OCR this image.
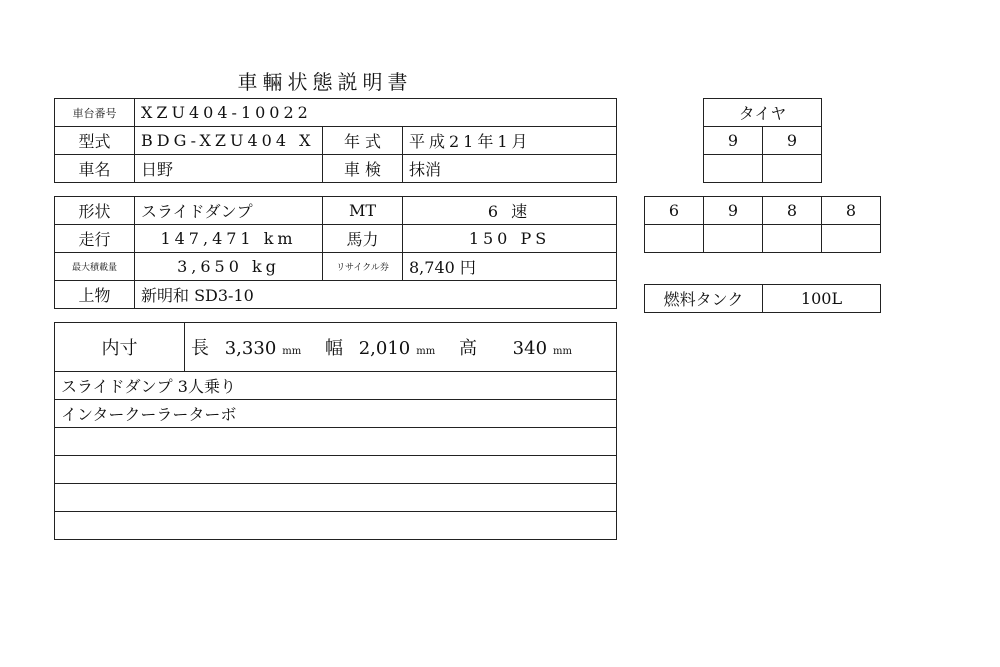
車輛状態説明書
車台番号	XZU404-10022		
型式	BDG-XZU404 X	年 式	平成21年1月
車名	日野	車 検	抹消
形状	スライドダンプ	MT	6 速
走行	147,471 km	馬力	150 PS
最大積載量	3,650 kg	リサイクル券	8,740 円
上物	新明和 SD3-10		
内寸	長 3,330 mm 幅 2,010 mm 高 340 mm
スライドダンプ 3人乗り
インタークーラーターボ

タイヤ	
9	9

6	9	8	8

燃料タンク	100L
